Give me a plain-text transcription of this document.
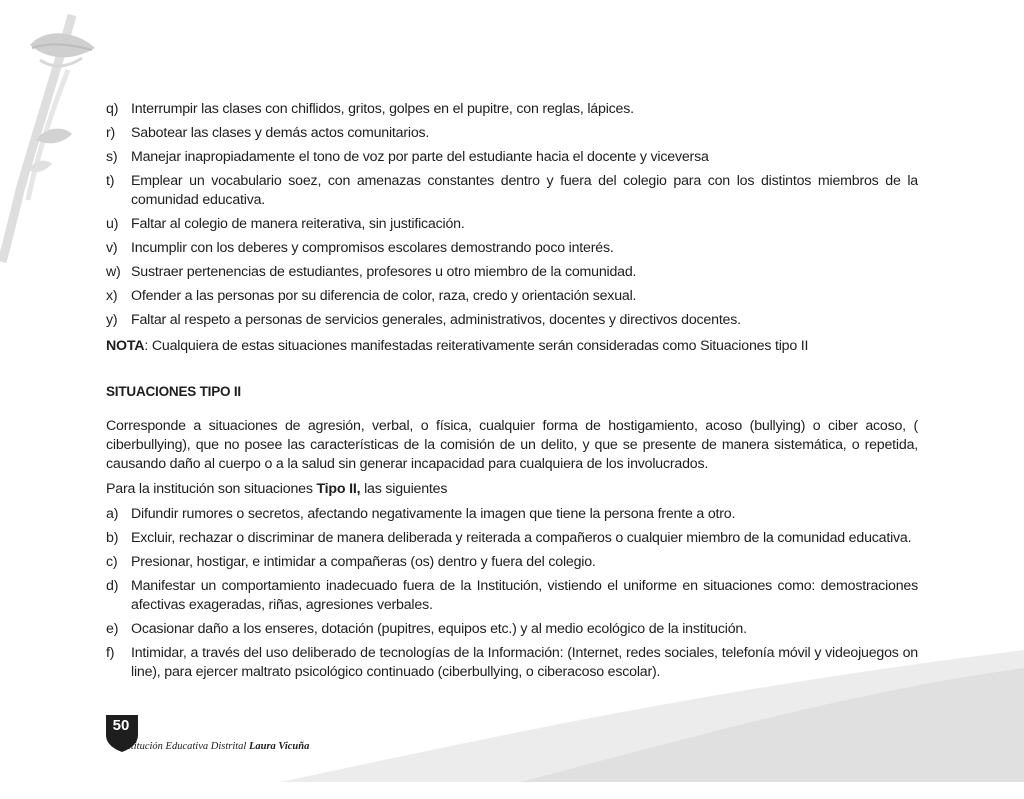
q) Interrumpir las clases con chiflidos, gritos, golpes en el pupitre, con reglas, lápices.
r)	Sabotear las clases y demás actos comunitarios.
s) Manejar inapropiadamente el tono de voz por parte del estudiante hacia el docente y viceversa
t)	Emplear un vocabulario soez, con amenazas constantes dentro y fuera del colegio para con los distintos miembros de la comunidad educativa.
u) Faltar al colegio de manera reiterativa, sin justificación.
v) Incumplir con los deberes y compromisos escolares demostrando poco interés.
w) Sustraer pertenencias de estudiantes, profesores u otro miembro de la comunidad.
x) Ofender a las personas por su diferencia de color, raza, credo y orientación sexual.
y) Faltar al respeto a personas de servicios generales, administrativos, docentes y directivos docentes.
NOTA: Cualquiera de estas situaciones manifestadas reiterativamente serán consideradas como Situaciones tipo II
SITUACIONES TIPO II
Corresponde a situaciones de agresión, verbal, o física, cualquier forma de hostigamiento, acoso (bullying) o ciber acoso, ( ciberbullying), que no posee las características de la comisión de un delito, y que se presente de manera sistemática, o repetida, causando daño al cuerpo o a la salud sin generar incapacidad para cualquiera de los involucrados.
Para la institución son situaciones Tipo II, las siguientes
a) Difundir rumores o secretos, afectando negativamente la imagen que tiene la persona frente a otro.
b) Excluir, rechazar o discriminar de manera deliberada y reiterada a compañeros o cualquier miembro de la comunidad educativa.
c) Presionar, hostigar, e intimidar a compañeras (os) dentro y fuera del colegio.
d) Manifestar un comportamiento inadecuado fuera de la Institución, vistiendo el uniforme en situaciones como: demostraciones afectivas exageradas, riñas, agresiones verbales.
e) Ocasionar daño a los enseres, dotación (pupitres, equipos etc.) y al medio ecológico de la institución.
f)	Intimidar, a través del uso deliberado de tecnologías de la Información: (Internet, redes sociales, telefonía móvil y videojuegos on line), para ejercer maltrato psicológico continuado (ciberbullying, o ciberacoso escolar).
50
Institución Educativa Distrital Laura Vicuña
